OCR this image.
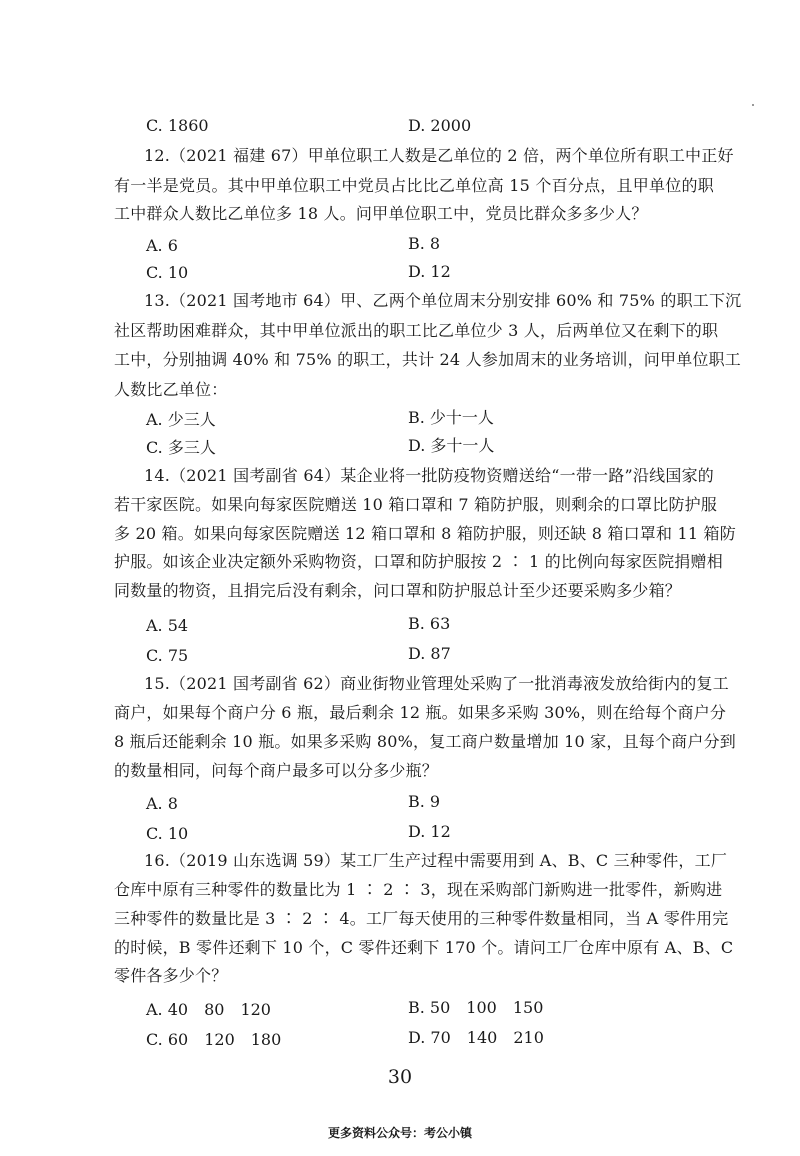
C. 1860	D. 2000
12.（2021 福建 67）甲单位职工人数是乙单位的 2 倍，两个单位所有职工中正好
有一半是党员。其中甲单位职工中党员占比比乙单位高 15 个百分点，且甲单位的职
工中群众人数比乙单位多 18 人。问甲单位职工中，党员比群众多多少人？
A. 6	B. 8
C. 10	D. 12
13.（2021 国考地市 64）甲、乙两个单位周末分别安排 60% 和 75% 的职工下沉
社区帮助困难群众，其中甲单位派出的职工比乙单位少 3 人，后两单位又在剩下的职
工中，分别抽调 40% 和 75% 的职工，共计 24 人参加周末的业务培训，问甲单位职工
人数比乙单位：
A. 少三人	B. 少十一人
C. 多三人	D. 多十一人
14.（2021 国考副省 64）某企业将一批防疫物资赠送给“一带一路”沿线国家的
若干家医院。如果向每家医院赠送 10 箱口罩和 7 箱防护服，则剩余的口罩比防护服
多 20 箱。如果向每家医院赠送 12 箱口罩和 8 箱防护服，则还缺 8 箱口罩和 11 箱防
护服。如该企业决定额外采购物资，口罩和防护服按 2 ∶ 1 的比例向每家医院捐赠相
同数量的物资，且捐完后没有剩余，问口罩和防护服总计至少还要采购多少箱？
A. 54	B. 63
C. 75	D. 87
15.（2021 国考副省 62）商业街物业管理处采购了一批消毒液发放给街内的复工
商户，如果每个商户分 6 瓶，最后剩余 12 瓶。如果多采购 30%，则在给每个商户分
8 瓶后还能剩余 10 瓶。如果多采购 80%，复工商户数量增加 10 家，且每个商户分到
的数量相同，问每个商户最多可以分多少瓶？
A. 8	B. 9
C. 10	D. 12
16.（2019 山东选调 59）某工厂生产过程中需要用到 A、B、C 三种零件，工厂
仓库中原有三种零件的数量比为 1 ∶ 2 ∶ 3，现在采购部门新购进一批零件，新购进
三种零件的数量比是 3 ∶ 2 ∶ 4。工厂每天使用的三种零件数量相同，当 A 零件用完
的时候，B 零件还剩下 10 个，C 零件还剩下 170 个。请问工厂仓库中原有 A、B、C
零件各多少个？
A. 40　80　120	B. 50　100　150
C. 60　120　180	D. 70　140　210
30
更多资料公众号：考公小镇
